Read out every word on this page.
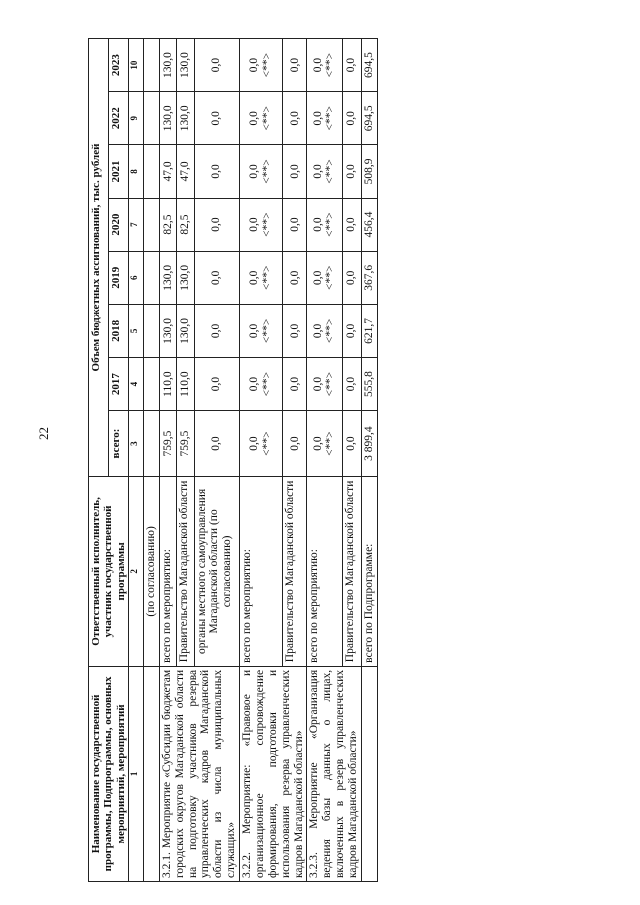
22
Наименование государственной программы, Подпрограммы, основных мероприятий, мероприятий	Ответственный исполнитель, участник государственной программы	Объем бюджетных ассигнований, тыс. рублей							
		всего:	2017	2018	2019	2020	2021	2022	2023
1	2	3	4	5	6	7	8	9	10
	(по согласованию)								
3.2.1. Мероприятие «Субсидии бюджетам городских округов Магаданской области на подготовку участников резерва управленческих кадров Магаданской области из числа муниципальных служащих»	всего по мероприятию:	759,5	110,0	130,0	130,0	82,5	47,0	130,0	130,0
	Правительство Магаданской области	759,5	110,0	130,0	130,0	82,5	47,0	130,0	130,0
	органы местного самоуправления Магаданской области (по согласованию)	0,0	0,0	0,0	0,0	0,0	0,0	0,0	0,0
3.2.2. Мероприятие: «Правовое и организационное сопровождение формирования, подготовки и использования резерва управленческих кадров Магаданской области»	всего по мероприятию:	0,0 <**>	0,0 <**>	0,0 <**>	0,0 <**>	0,0 <**>	0,0 <**>	0,0 <**>	0,0 <**>

	Правительство Магаданской области	0,0	0,0	0,0	0,0	0,0	0,0	0,0	0,0
3.2.3. Мероприятие «Организация ведения базы данных о лицах, включенных в резерв управленческих кадров Магаданской области»	всего по мероприятию:	0,0 <**>	0,0 <**>	0,0 <**>	0,0 <**>	0,0 <**>	0,0 <**>	0,0 <**>	0,0 <**>

	Правительство Магаданской области	0,0	0,0	0,0	0,0	0,0	0,0	0,0	0,0
	всего по Подпрограмме:	3 899,4	555,8	621,7	367,6	456,4	508,9	694,5	694,5
